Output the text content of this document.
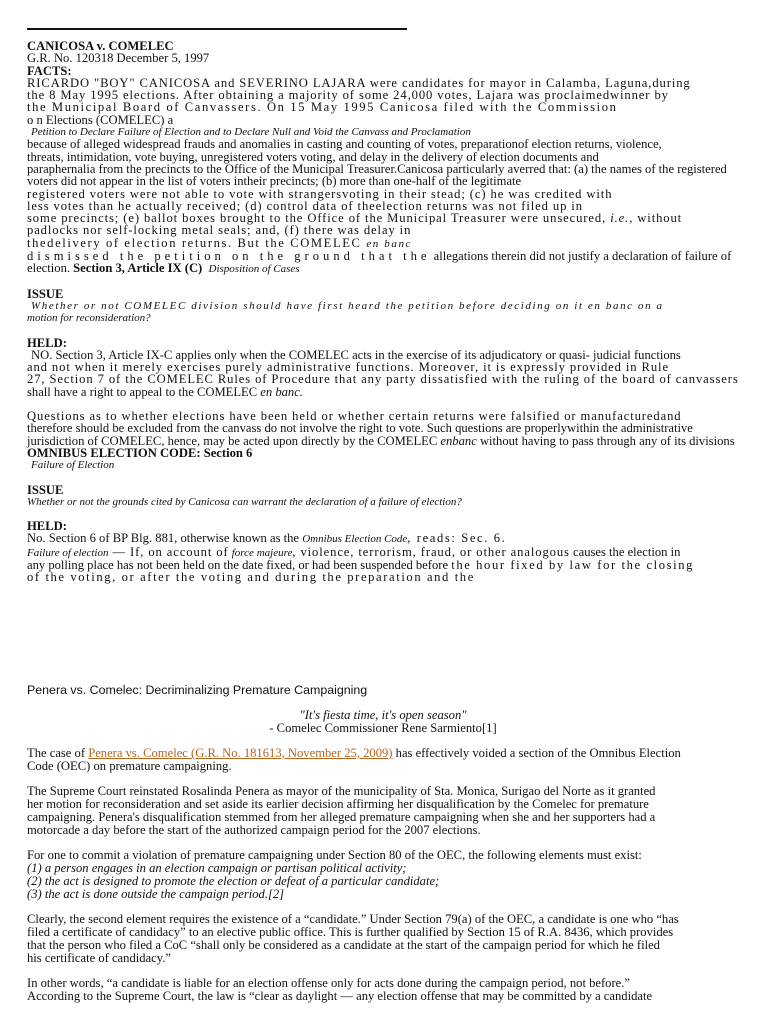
CANICOSA v. COMELEC

G.R. No. 120318 December 5, 1997

FACTS:

RICARDO "BOY" CANICOSA and SEVERINO LAJARA were candidates for mayor in Calamba, Laguna,during

the 8 May 1995 elections. After obtaining a majority of some 24,000 votes, Lajara was proclaimedwinner by

the Municipal Board of Canvassers. On 15 May 1995 Canicosa filed with the Commission

o n Elections (COMELEC) a

Petition to Declare Failure of Election and to Declare Null and Void the Canvass and Proclamation

because of alleged widespread frauds and anomalies in casting and counting of votes, preparationof election returns, violence,

threats, intimidation, vote buying, unregistered voters voting, and delay in the delivery of election documents and

paraphernalia from the precincts to the Office of the Municipal Treasurer.Canicosa particularly averred that: (a) the names of the registered

voters did not appear in the list of voters intheir precincts; (b) more than one-half of the legitimate

registered voters were not able to vote with strangersvoting in their stead; (c) he was credited with

less votes than he actually received; (d) control data of theelection returns was not filed up in

some precincts; (e) ballot boxes brought to the Office of the Municipal Treasurer were unsecured, i.e., without

padlocks nor self-locking metal seals; and, (f) there was delay in

thedelivery of election returns. But the COMELEC en banc

dismissed the petition on the ground that the allegations therein did not justify a declaration of failure of

election. Section 3, Article IX (C) Disposition of Cases

ISSUE

Whether or not COMELEC division should have first heard the petition before deciding on it en banc on a

motion for reconsideration?

HELD:

NO. Section 3, Article IX-C applies only when the COMELEC acts in the exercise of its adjudicatory or quasi- judicial functions

and not when it merely exercises purely administrative functions. Moreover, it is expressly provided in Rule

27, Section 7 of the COMELEC Rules of Procedure that any party dissatisfied with the ruling of the board of canvassers

shall have a right to appeal to the COMELEC en banc.

Questions as to whether elections have been held or whether certain returns were falsified or manufacturedand

therefore should be excluded from the canvass do not involve the right to vote. Such questions are properlywithin the administrative

jurisdiction of COMELEC, hence, may be acted upon directly by the COMELEC enbanc without having to pass through any of its divisions

OMNIBUS ELECTION CODE: Section 6

Failure of Election

ISSUE

Whether or not the grounds cited by Canicosa can warrant the declaration of a failure of election?

HELD:

No. Section 6 of BP Blg. 881, otherwise known as the Omnibus Election Code, reads: Sec. 6.

Failure of election — If, on account of force majeure, violence, terrorism, fraud, or other analogous causes the election in

any polling place has not been held on the date fixed, or had been suspended before the hour fixed by law for the closing

of the voting, or after the voting and during the preparation and the

Penera vs. Comelec: Decriminalizing Premature Campaigning

"It's fiesta time, it's open season"

- Comelec Commissioner Rene Sarmiento[1]

The case of Penera vs. Comelec (G.R. No. 181613, November 25, 2009) has effectively voided a section of the Omnibus Election
Code (OEC) on premature campaigning.

The Supreme Court reinstated Rosalinda Penera as mayor of the municipality of Sta. Monica, Surigao del Norte as it granted
her motion for reconsideration and set aside its earlier decision affirming her disqualification by the Comelec for premature
campaigning. Penera's disqualification stemmed from her alleged premature campaigning when she and her supporters had a
motorcade a day before the start of the authorized campaign period for the 2007 elections.

For one to commit a violation of premature campaigning under Section 80 of the OEC, the following elements must exist:
(1) a person engages in an election campaign or partisan political activity;
(2) the act is designed to promote the election or defeat of a particular candidate;
(3) the act is done outside the campaign period.[2]

Clearly, the second element requires the existence of a “candidate.” Under Section 79(a) of the OEC, a candidate is one who “has
filed a certificate of candidacy” to an elective public office. This is further qualified by Section 15 of R.A. 8436, which provides
that the person who filed a CoC “shall only be considered as a candidate at the start of the campaign period for which he filed
his certificate of candidacy.”

In other words, “a candidate is liable for an election offense only for acts done during the campaign period, not before.”
According to the Supreme Court, the law is “clear as daylight — any election offense that may be committed by a candidate
